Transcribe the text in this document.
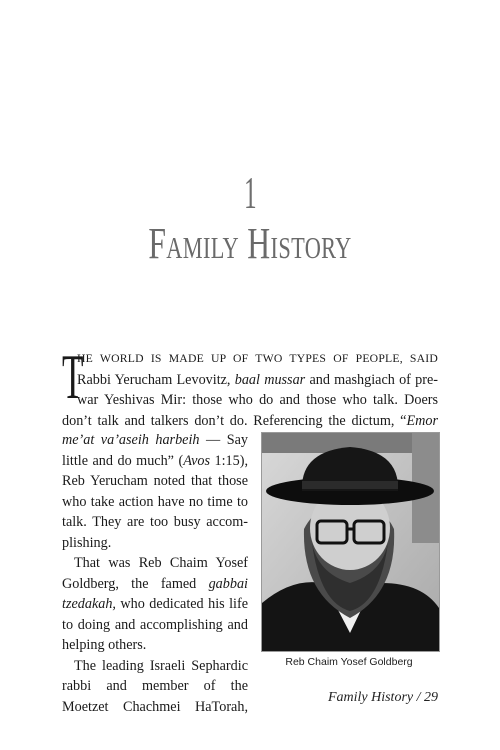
1
Family History
T
HE WORLD IS MADE UP OF TWO TYPES OF PEOPLE, SAID
Rabbi Yerucham Levovitz, baal mussar and mashgiach of pre-
war Yeshivas Mir: those who do and those who talk. Doers
don’t talk and talkers don’t do. Referencing the dictum, “Emor
me’at va’aseih harbeih — Say
little and do much” (Avos 1:15),
Reb Yerucham noted that those
who take action have no time to
talk. They are too busy accom-
plishing.
That was Reb Chaim Yosef
Goldberg, the famed gabbai
tzedakah, who dedicated his life
to doing and accomplishing and
helping others.
The leading Israeli Sephardic
rabbi and member of the
Moetzet Chachmei HaTorah,
Reb Chaim Yosef Goldberg
Family History / 29
